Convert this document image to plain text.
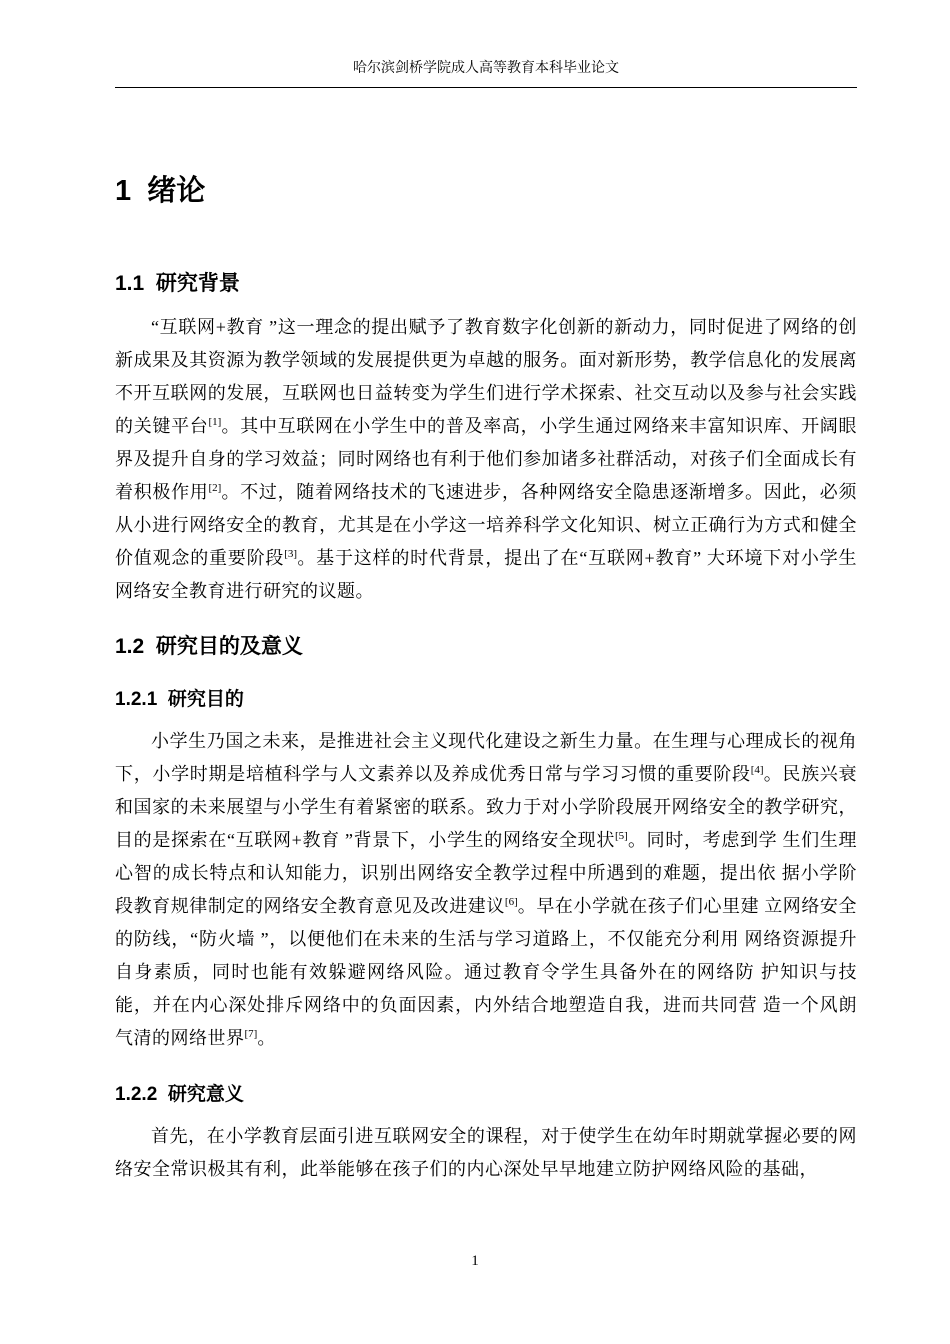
哈尔滨剑桥学院成人高等教育本科毕业论文
1  绪论
1.1  研究背景

“互联网+教育 ”这一理念的提出赋予了教育数字化创新的新动力，同时促进了网络的创新成果及其资源为教学领域的发展提供更为卓越的服务。面对新形势，教学信息化的发展离不开互联网的发展，互联网也日益转变为学生们进行学术探索、社交互动以及参与社会实践的关键平台[1]。其中互联网在小学生中的普及率高，小学生通过网络来丰富知识库、开阔眼界及提升自身的学习效益；同时网络也有利于他们参加诸多社群活动，对孩子们全面成长有着积极作用[2]。不过，随着网络技术的飞速进步，各种网络安全隐患逐渐增多。因此，必须从小进行网络安全的教育，尤其是在小学这一培养科学文化知识、树立正确行为方式和健全价值观念的重要阶段[3]。基于这样的时代背景，提出了在“互联网+教育” 大环境下对小学生网络安全教育进行研究的议题。

1.2  研究目的及意义
1.2.1  研究目的

小学生乃国之未来，是推进社会主义现代化建设之新生力量。在生理与心理成长的视角下，小学时期是培植科学与人文素养以及养成优秀日常与学习习惯的重要阶段[4]。民族兴衰和国家的未来展望与小学生有着紧密的联系。致力于对小学阶段展开网络安全的教学研究，目的是探索在“互联网+教育 ”背景下，小学生的网络安全现状[5]。同时，考虑到学 生们生理心智的成长特点和认知能力，识别出网络安全教学过程中所遇到的难题，提出依 据小学阶段教育规律制定的网络安全教育意见及改进建议[6]。早在小学就在孩子们心里建 立网络安全的防线，“防火墙 ”，以便他们在未来的生活与学习道路上，不仅能充分利用 网络资源提升自身素质，同时也能有效躲避网络风险。通过教育令学生具备外在的网络防 护知识与技能，并在内心深处排斥网络中的负面因素，内外结合地塑造自我，进而共同营 造一个风朗气清的网络世界[7]。

1.2.2  研究意义

首先，在小学教育层面引进互联网安全的课程，对于使学生在幼年时期就掌握必要的网络安全常识极其有利，此举能够在孩子们的内心深处早早地建立防护网络风险的基础，

1
